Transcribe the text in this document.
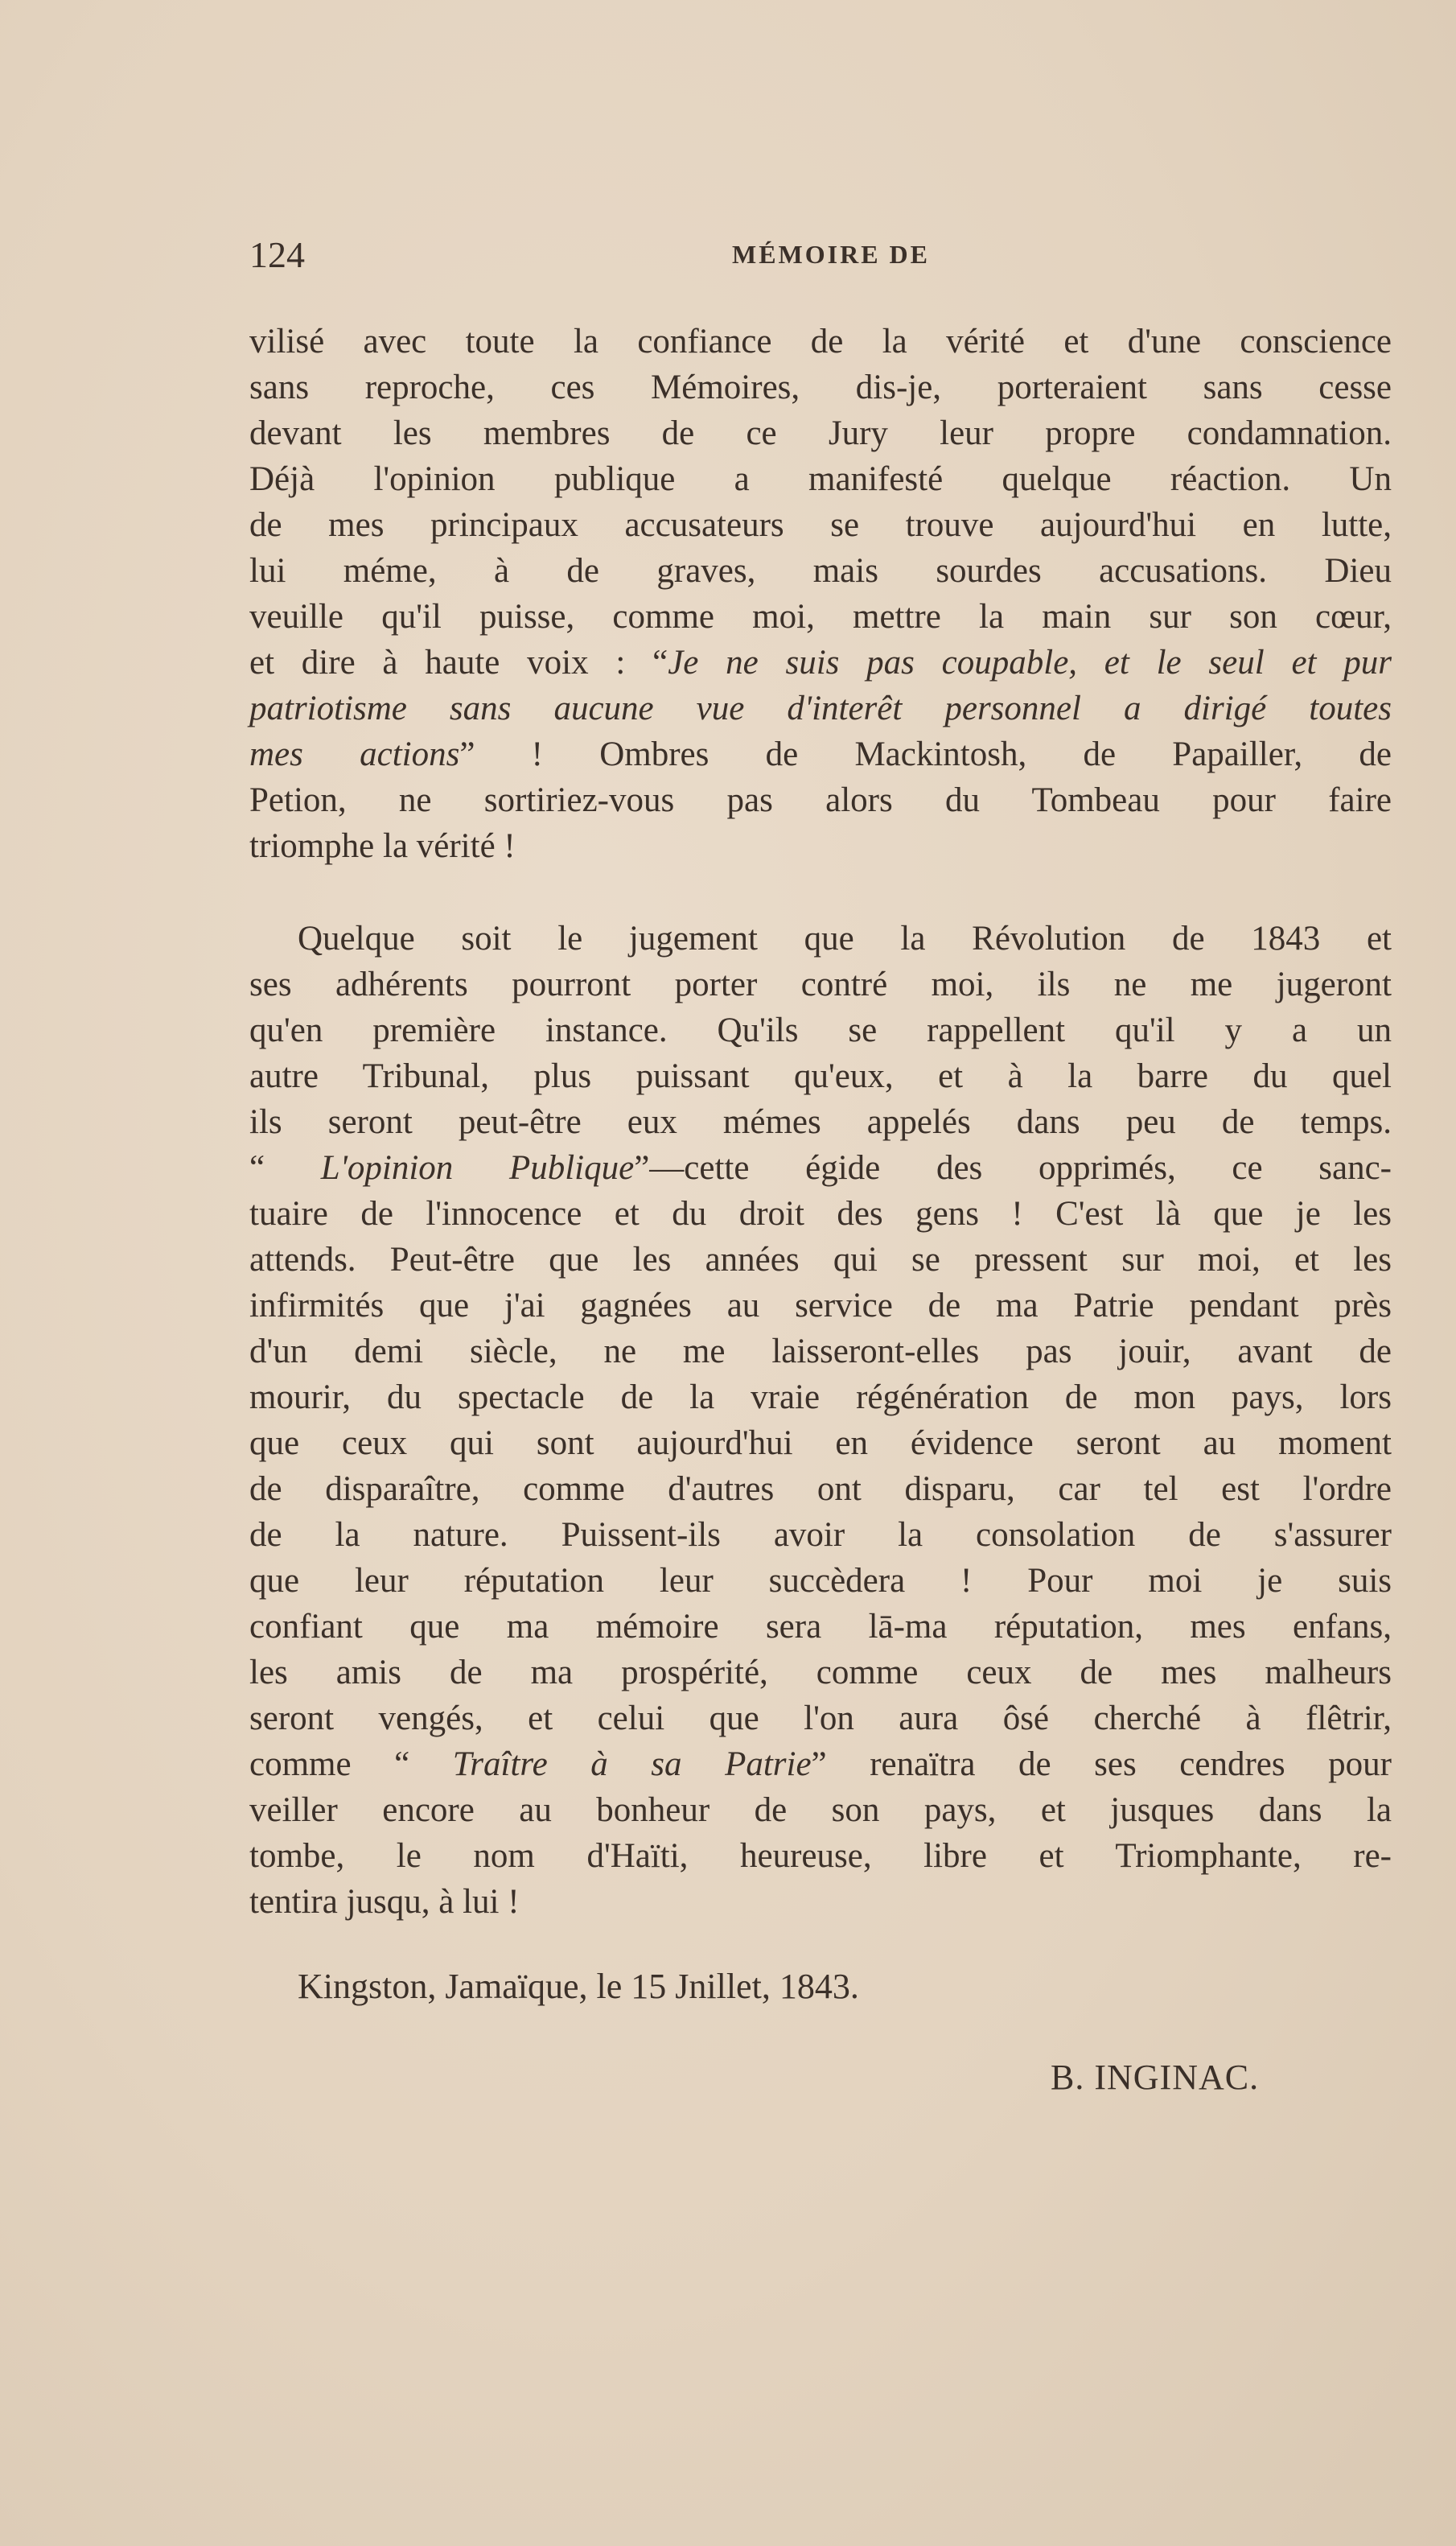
124	MÉMOIRE DE
vilisé avec toute la confiance de la vérité et d'une conscience
sans reproche, ces Mémoires, dis-je, porteraient sans cesse
devant les membres de ce Jury leur propre condamnation.
Déjà l'opinion publique a manifesté quelque réaction. Un
de mes principaux accusateurs se trouve aujourd'hui en lutte,
lui méme, à de graves, mais sourdes accusations. Dieu
veuille qu'il puisse, comme moi, mettre la main sur son cœur,
et dire à haute voix : “Je ne suis pas coupable, et le seul et pur
patriotisme sans aucune vue d'interêt personnel a dirigé toutes
mes actions” ! Ombres de Mackintosh, de Papailler, de
Petion, ne sortiriez-vous pas alors du Tombeau pour faire
triomphe la vérité !
Quelque soit le jugement que la Révolution de 1843 et
ses adhérents pourront porter contré moi, ils ne me jugeront
qu'en première instance. Qu'ils se rappellent qu'il y a un
autre Tribunal, plus puissant qu'eux, et à la barre du quel
ils seront peut-être eux mémes appelés dans peu de temps.
“ L'opinion Publique”—cette égide des opprimés, ce sanc-
tuaire de l'innocence et du droit des gens ! C'est là que je les
attends. Peut-être que les années qui se pressent sur moi, et les
infirmités que j'ai gagnées au service de ma Patrie pendant près
d'un demi siècle, ne me laisseront-elles pas jouir, avant de
mourir, du spectacle de la vraie régénération de mon pays, lors
que ceux qui sont aujourd'hui en évidence seront au moment
de disparaître, comme d'autres ont disparu, car tel est l'ordre
de la nature. Puissent-ils avoir la consolation de s'assurer
que leur réputation leur succèdera ! Pour moi je suis
confiant que ma mémoire sera lā-ma réputation, mes enfans,
les amis de ma prospérité, comme ceux de mes malheurs
seront vengés, et celui que l'on aura ôsé cherché à flêtrir,
comme “ Traître à sa Patrie” renaïtra de ses cendres pour
veiller encore au bonheur de son pays, et jusques dans la
tombe, le nom d'Haïti, heureuse, libre et Triomphante, re-
tentira jusqu, à lui !
Kingston, Jamaïque, le 15 Jnillet, 1843.
B. INGINAC.
